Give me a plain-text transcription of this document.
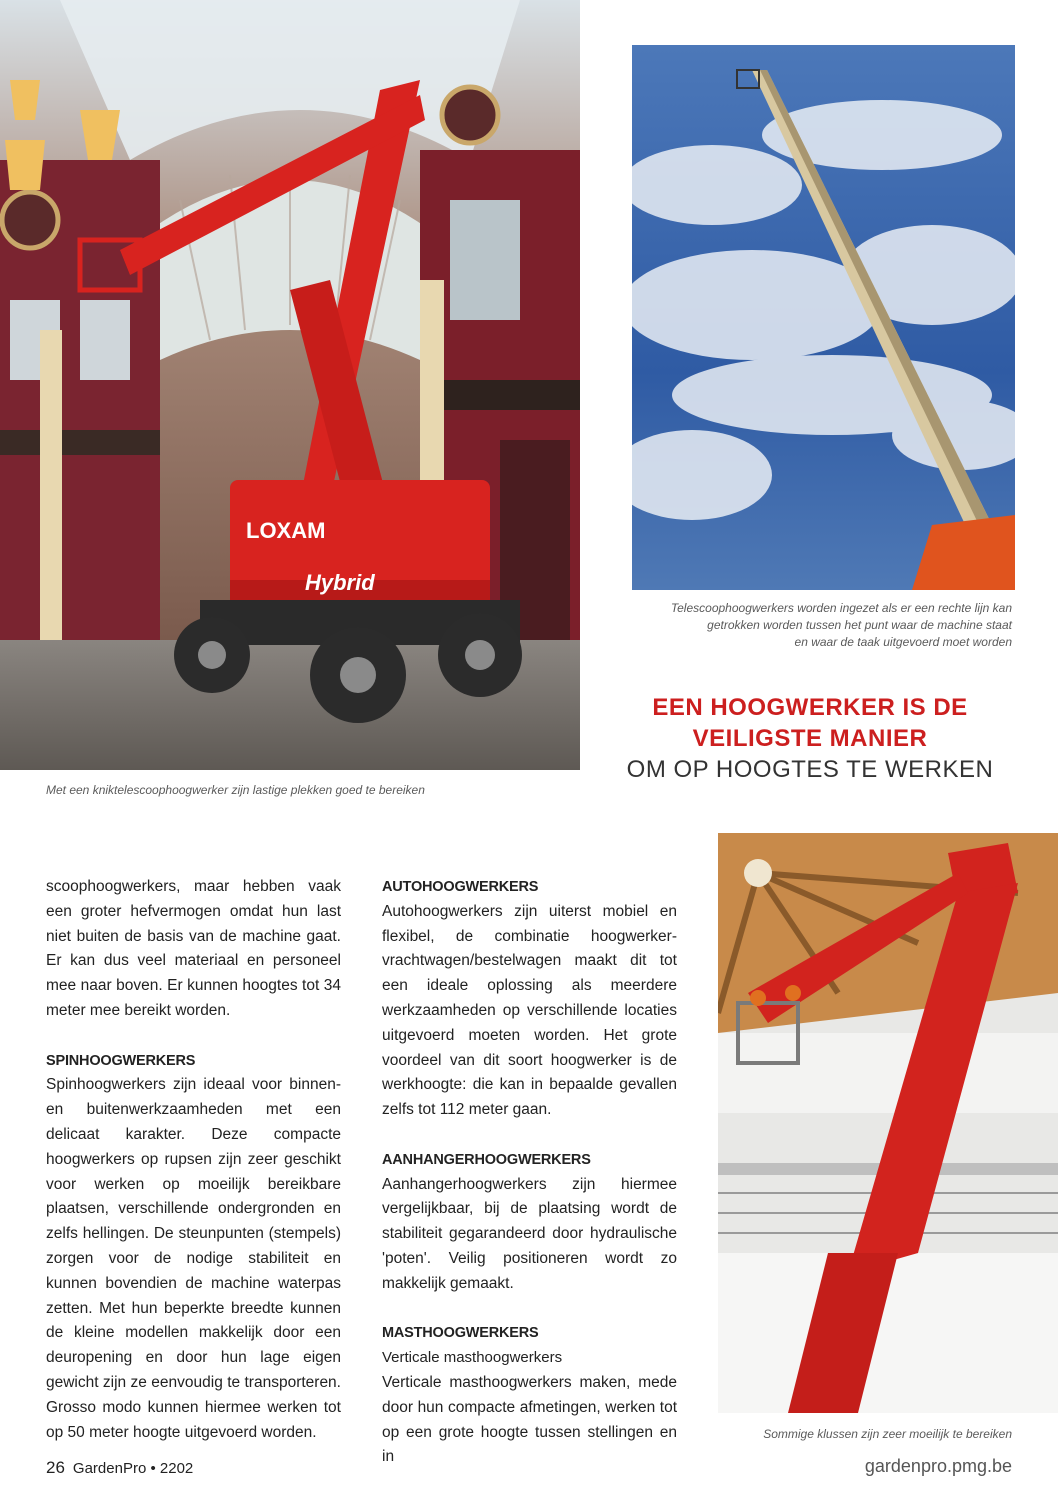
LOXAM
Hybrid
Met een kniktelescoophoogwerker zijn lastige plekken goed te bereiken
Telescoophoogwerkers worden ingezet als er een rechte lijn kan
getrokken worden tussen het punt waar de machine staat
en waar de taak uitgevoerd moet worden
EEN HOOGWERKER IS DE
VEILIGSTE MANIER
OM OP HOOGTES TE WERKEN
Sommige klussen zijn zeer moeilijk te bereiken

scoophoogwerkers, maar hebben vaak een groter hefvermogen omdat hun last niet buiten de basis van de machine gaat. Er kan dus veel materiaal en personeel mee naar boven. Er kunnen hoogtes tot 34 meter mee bereikt worden.

SPINHOOGWERKERS

Spinhoogwerkers zijn ideaal voor binnen- en buitenwerkzaamheden met een delicaat karakter. Deze compacte hoogwerkers op rupsen zijn zeer geschikt voor werken op moeilijk bereikbare plaatsen, verschillende ondergronden en zelfs hellingen. De steunpunten (stempels) zorgen voor de nodige stabiliteit en kunnen bovendien de machine waterpas zetten. Met hun beperkte breedte kunnen de kleine modellen makkelijk door een deuropening en door hun lage eigen gewicht zijn ze eenvoudig te transporteren. Grosso modo kunnen hiermee werken tot op 50 meter hoogte uitgevoerd worden.

AUTOHOOGWERKERS

Autohoogwerkers zijn uiterst mobiel en flexibel, de combinatie hoogwerker-vrachtwagen/bestelwagen maakt dit tot een ideale oplossing als meerdere werkzaamheden op verschillende locaties uitgevoerd moeten worden. Het grote voordeel van dit soort hoogwerker is de werkhoogte: die kan in bepaalde gevallen zelfs tot 112 meter gaan.

AANHANGERHOOGWERKERS

Aanhangerhoogwerkers zijn hiermee vergelijkbaar, bij de plaatsing wordt de stabiliteit gegarandeerd door hydraulische 'poten'. Veilig positioneren wordt zo makkelijk gemaakt.

MASTHOOGWERKERS
Verticale masthoogwerkers

Verticale masthoogwerkers maken, mede door hun compacte afmetingen, werken tot op een grote hoogte tussen stellingen en in

26 GardenPro • 2202	gardenpro.pmg.be
